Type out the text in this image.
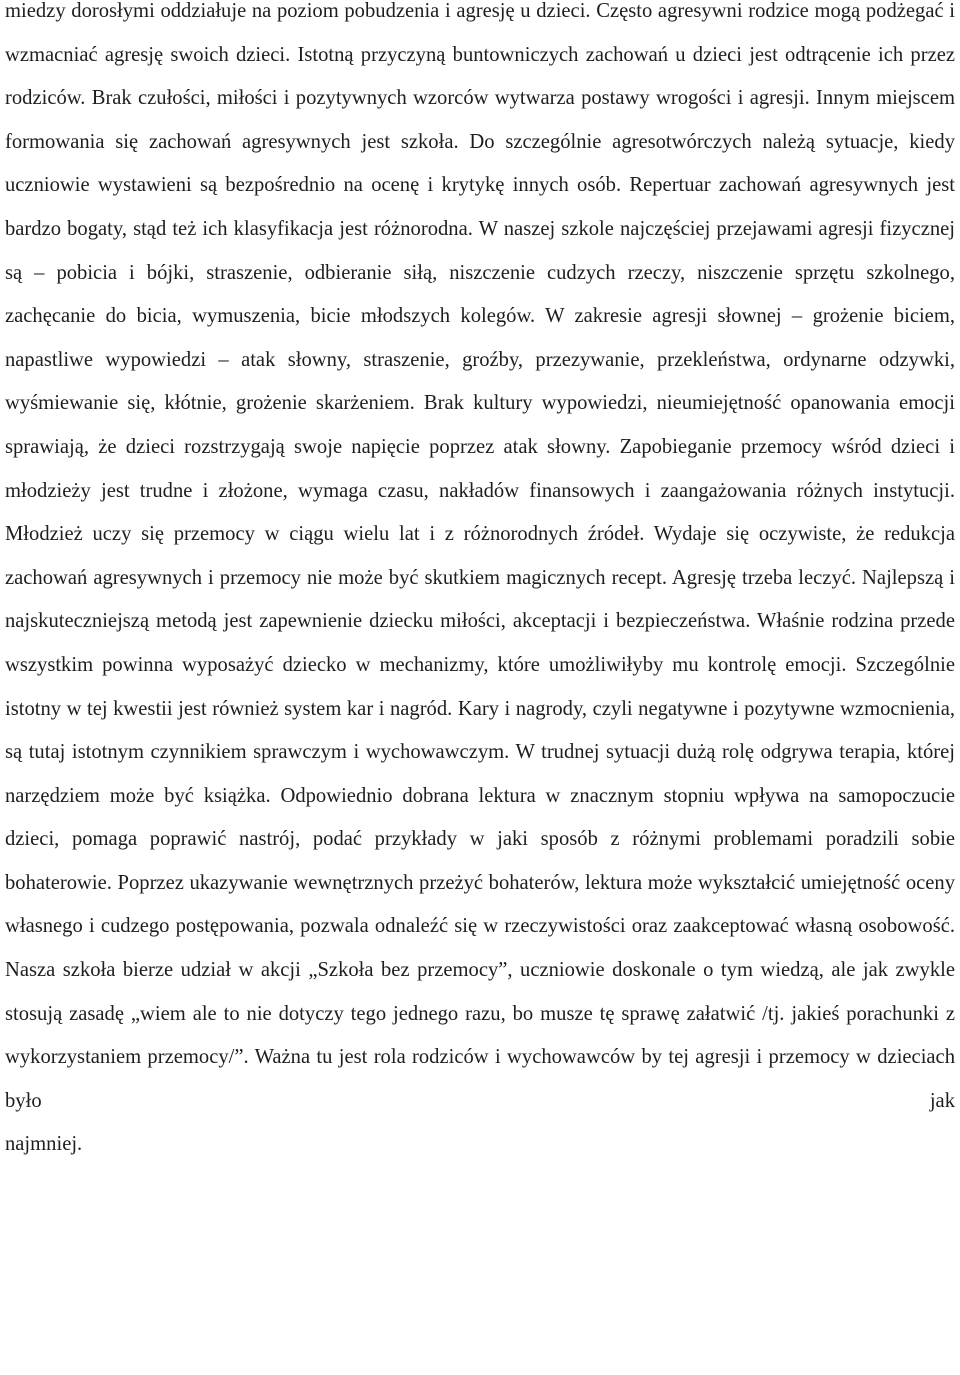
miedzy dorosłymi oddziałuje na poziom pobudzenia i agresję u dzieci. Często agresywni rodzice mogą podżegać i wzmacniać agresję swoich dzieci. Istotną przyczyną buntowniczych zachowań u dzieci jest odtrącenie ich przez rodziców. Brak czułości, miłości i pozytywnych wzorców wytwarza postawy wrogości i agresji. Innym miejscem formowania się zachowań agresywnych jest szkoła. Do szczególnie agresotwórczych należą sytuacje, kiedy uczniowie wystawieni są bezpośrednio na ocenę i krytykę innych osób. Repertuar zachowań agresywnych jest bardzo bogaty, stąd też ich klasyfikacja jest różnorodna. W naszej szkole najczęściej przejawami agresji fizycznej są – pobicia i bójki, straszenie, odbieranie siłą, niszczenie cudzych rzeczy, niszczenie sprzętu szkolnego, zachęcanie do bicia, wymuszenia, bicie młodszych kolegów. W zakresie agresji słownej – grożenie biciem, napastliwe wypowiedzi – atak słowny, straszenie, groźby, przezywanie, przekleństwa, ordynarne odzywki, wyśmiewanie się, kłótnie, grożenie skarżeniem. Brak kultury wypowiedzi, nieumiejętność opanowania emocji sprawiają, że dzieci rozstrzygają swoje napięcie poprzez atak słowny. Zapobieganie przemocy wśród dzieci i młodzieży jest trudne i złożone, wymaga czasu, nakładów finansowych i zaangażowania różnych instytucji. Młodzież uczy się przemocy w ciągu wielu lat i z różnorodnych źródeł. Wydaje się oczywiste, że redukcja zachowań agresywnych i przemocy nie może być skutkiem magicznych recept. Agresję trzeba leczyć. Najlepszą i najskuteczniejszą metodą jest zapewnienie dziecku miłości, akceptacji i bezpieczeństwa. Właśnie rodzina przede wszystkim powinna wyposażyć dziecko w mechanizmy, które umożliwiłyby mu kontrolę emocji. Szczególnie istotny w tej kwestii jest również system kar i nagród. Kary i nagrody, czyli negatywne i pozytywne wzmocnienia, są tutaj istotnym czynnikiem sprawczym i wychowawczym. W trudnej sytuacji dużą rolę odgrywa terapia, której narzędziem może być książka. Odpowiednio dobrana lektura w znacznym stopniu wpływa na samopoczucie dzieci, pomaga poprawić nastrój, podać przykłady w jaki sposób z różnymi problemami poradzili sobie bohaterowie. Poprzez ukazywanie wewnętrznych przeżyć bohaterów, lektura może wykształcić umiejętność oceny własnego i cudzego postępowania, pozwala odnaleźć się w rzeczywistości oraz zaakceptować własną osobowość. Nasza szkoła bierze udział w akcji „Szkoła bez przemocy”, uczniowie doskonale o tym wiedzą, ale jak zwykle stosują zasadę „wiem ale to nie dotyczy tego jednego razu, bo musze tę sprawę załatwić /tj. jakieś porachunki z wykorzystaniem przemocy/”. Ważna tu jest rola rodziców i wychowawców by tej agresji i przemocy w dzieciach było jak
najmniej.
